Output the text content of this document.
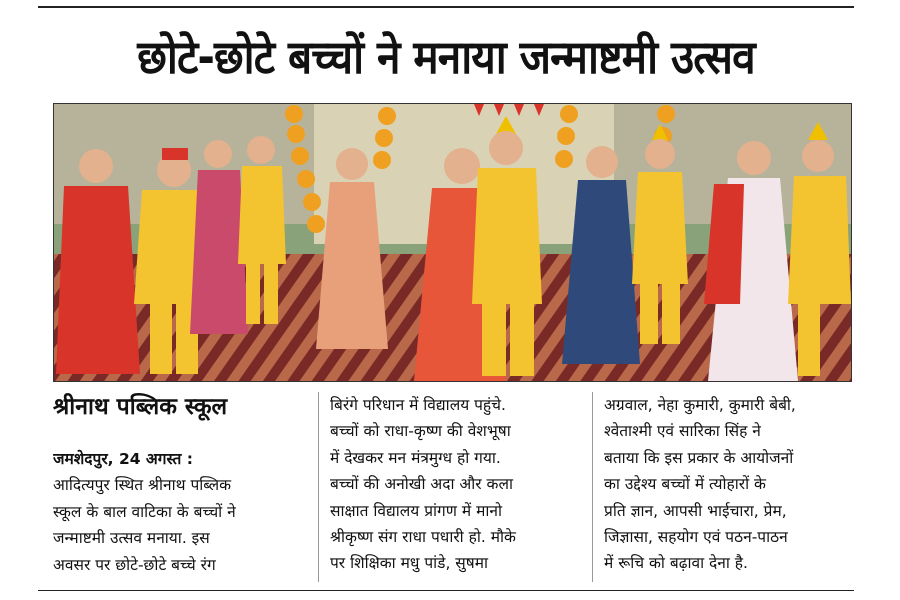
छोटे-छोटे बच्चों ने मनाया जन्माष्टमी उत्सव
श्रीनाथ पब्लिक स्कूल
जमशेदपुर, 24 अगस्त :
आदित्यपुर स्थित श्रीनाथ पब्लिक
स्कूल के बाल वाटिका के बच्चों ने
जन्माष्टमी उत्सव मनाया. इस
अवसर पर छोटे-छोटे बच्चे रंग
बिरंगे परिधान में विद्यालय पहुंचे.
बच्चों को राधा-कृष्ण की वेशभूषा
में देखकर मन मंत्रमुग्ध हो गया.
बच्चों की अनोखी अदा और कला
साक्षात विद्यालय प्रांगण में मानो
श्रीकृष्ण संग राधा पधारी हो. मौके
पर शिक्षिका मधु पांडे, सुषमा
अग्रवाल, नेहा कुमारी, कुमारी बेबी,
श्वेताश्मी एवं सारिका सिंह ने
बताया कि इस प्रकार के आयोजनों
का उद्देश्य बच्चों में त्योहारों के
प्रति ज्ञान, आपसी भाईचारा, प्रेम,
जिज्ञासा, सहयोग एवं पठन-पाठन
में रूचि को बढ़ावा देना है.
